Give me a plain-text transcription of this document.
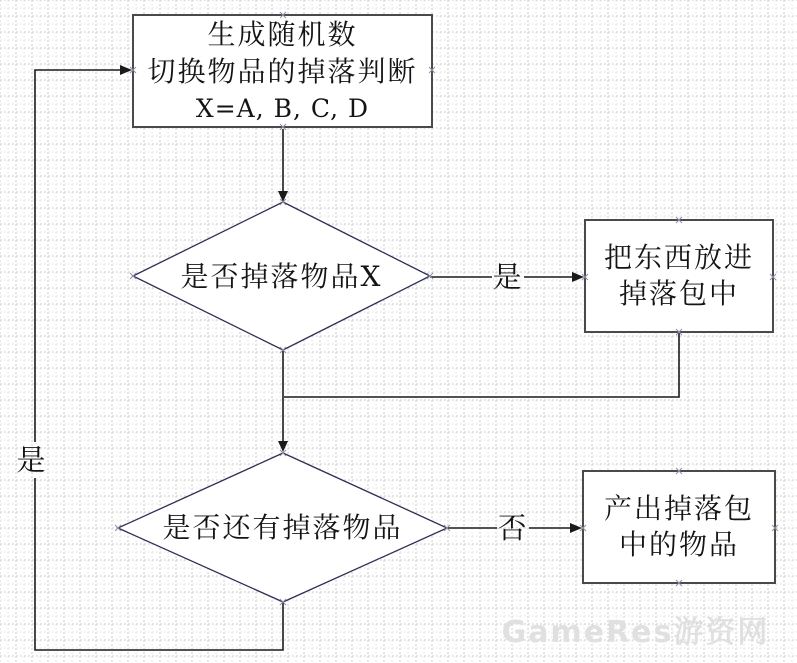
生成随机数
切换物品的掉落判断
X=A, B, C, D
是否掉落物品X
把东西放进
掉落包中
是否还有掉落物品
产出掉落包
中的物品
是
否
是
GameRes游资网
